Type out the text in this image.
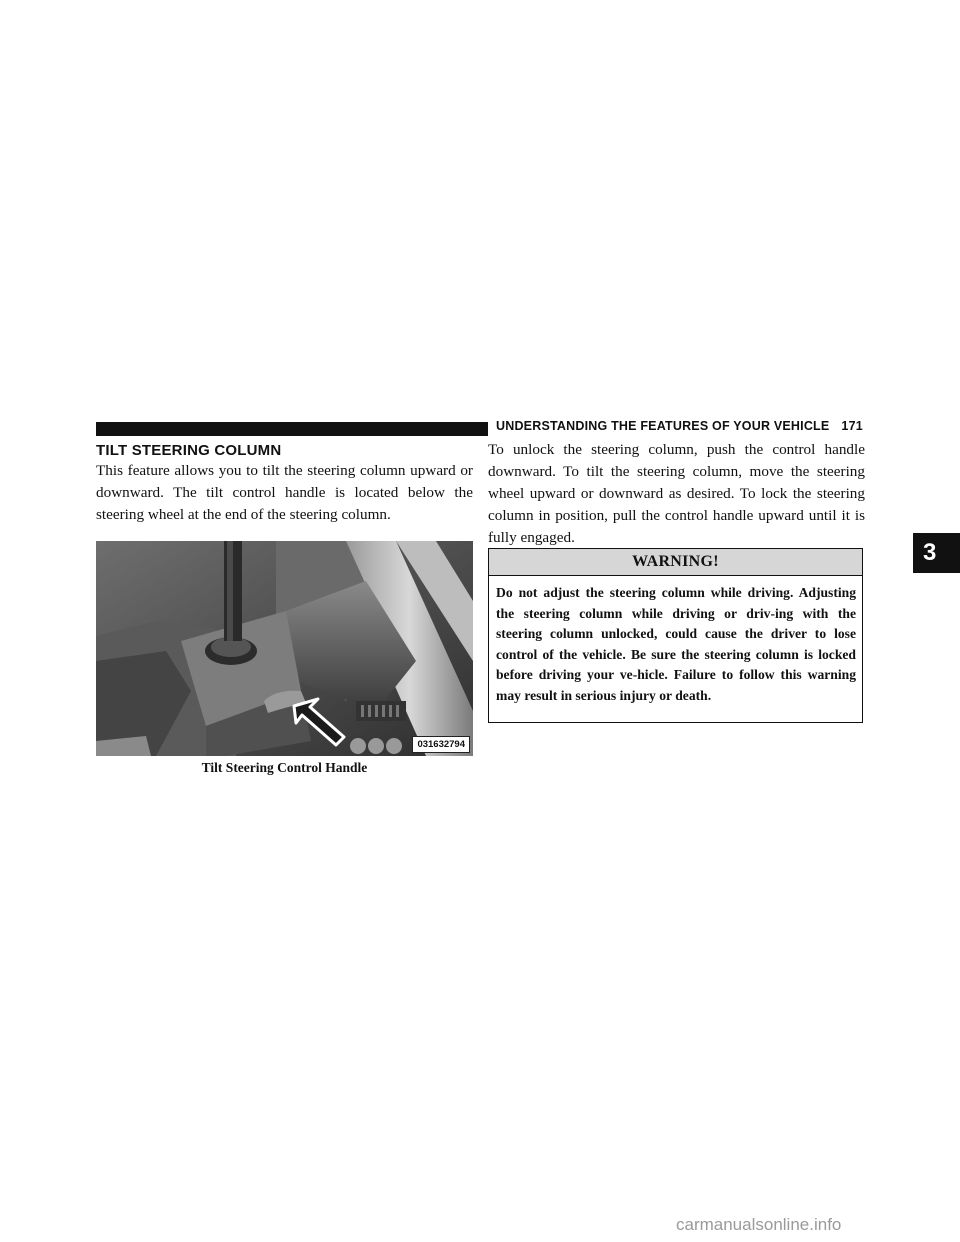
UNDERSTANDING THE FEATURES OF YOUR VEHICLE 171
TILT STEERING COLUMN

This feature allows you to tilt the steering column upward or downward. The tilt control handle is located below the steering wheel at the end of the steering column.

031632794
Tilt Steering Control Handle

To unlock the steering column, push the control handle downward. To tilt the steering column, move the steering wheel upward or downward as desired. To lock the steering column in position, pull the control handle upward until it is fully engaged.

WARNING!
Do not adjust the steering column while driving. Adjusting the steering column while driving or driv-ing with the steering column unlocked, could cause the driver to lose control of the vehicle. Be sure the steering column is locked before driving your ve-hicle. Failure to follow this warning may result in serious injury or death.
3
carmanualsonline.info
